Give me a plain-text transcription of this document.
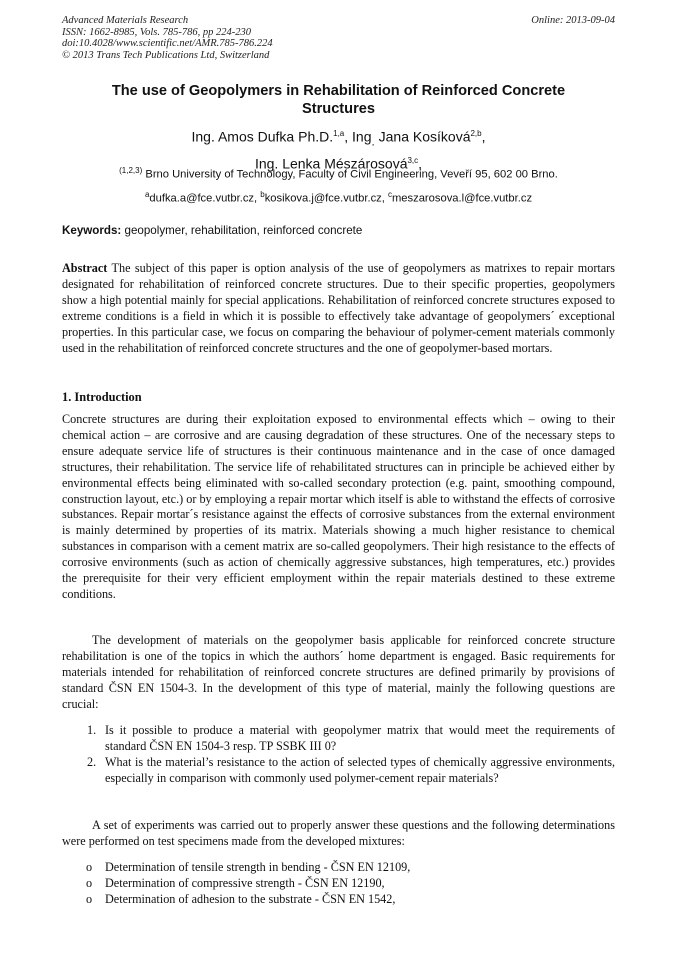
Advanced Materials Research
ISSN: 1662-8985, Vols. 785-786, pp 224-230
doi:10.4028/www.scientific.net/AMR.785-786.224
© 2013 Trans Tech Publications Ltd, Switzerland
Online: 2013-09-04
The use of Geopolymers in Rehabilitation of Reinforced Concrete
Structures
Ing. Amos Dufka Ph.D.$^{1,a}$, Ing$_.$ Jana Kosíková$^{2,b}$,
Ing. Lenka Mészárosová$^{3,c}$,
$^{(1,2,3)}$ Brno University of Technology, Faculty of Civil Engineering, Veveří 95, 602 00 Brno.
$^a$dufka.a@fce.vutbr.cz, $^b$kosikova.j@fce.vutbr.cz, $^c$meszarosova.l@fce.vutbr.cz
Keywords: geopolymer, rehabilitation, reinforced concrete
Abstract The subject of this paper is option analysis of the use of geopolymers as matrixes to repair mortars designated for rehabilitation of reinforced concrete structures. Due to their specific properties, geopolymers show a high potential mainly for special applications. Rehabilitation of reinforced concrete structures exposed to extreme conditions is a field in which it is possible to effectively take advantage of geopolymers´ exceptional properties. In this particular case, we focus on comparing the behaviour of polymer-cement materials commonly used in the rehabilitation of reinforced concrete structures and the one of geopolymer-based mortars.
1. Introduction
Concrete structures are during their exploitation exposed to environmental effects which – owing to their chemical action – are corrosive and are causing degradation of these structures. One of the necessary steps to ensure adequate service life of structures is their continuous maintenance and in the case of once damaged structures, their rehabilitation. The service life of rehabilitated structures can in principle be achieved either by environmental effects being eliminated with so-called secondary protection (e.g. paint, smoothing compound, construction layout, etc.) or by employing a repair mortar which itself is able to withstand the effects of corrosive substances. Repair mortar´s resistance against the effects of corrosive substances from the external environment is mainly determined by properties of its matrix. Materials showing a much higher resistance to chemical substances in comparison with a cement matrix are so-called geopolymers. Their high resistance to the effects of corrosive environments (such as action of chemically aggressive substances, high temperatures, etc.) provides the prerequisite for their very efficient employment within the repair materials destined to these extreme conditions.
The development of materials on the geopolymer basis applicable for reinforced concrete structure rehabilitation is one of the topics in which the authors´ home department is engaged. Basic requirements for materials intended for rehabilitation of reinforced concrete structures are defined primarily by provisions of standard ČSN EN 1504-3. In the development of this type of material, mainly the following questions are crucial:
1. Is it possible to produce a material with geopolymer matrix that would meet the requirements of standard ČSN EN 1504-3 resp. TP SSBK III 0?
2. What is the material’s resistance to the action of selected types of chemically aggressive environments, especially in comparison with commonly used polymer-cement repair materials?
A set of experiments was carried out to properly answer these questions and the following determinations were performed on test specimens made from the developed mixtures:
o Determination of tensile strength in bending - ČSN EN 12109,
o Determination of compressive strength - ČSN EN 12190,
o Determination of adhesion to the substrate - ČSN EN 1542,
